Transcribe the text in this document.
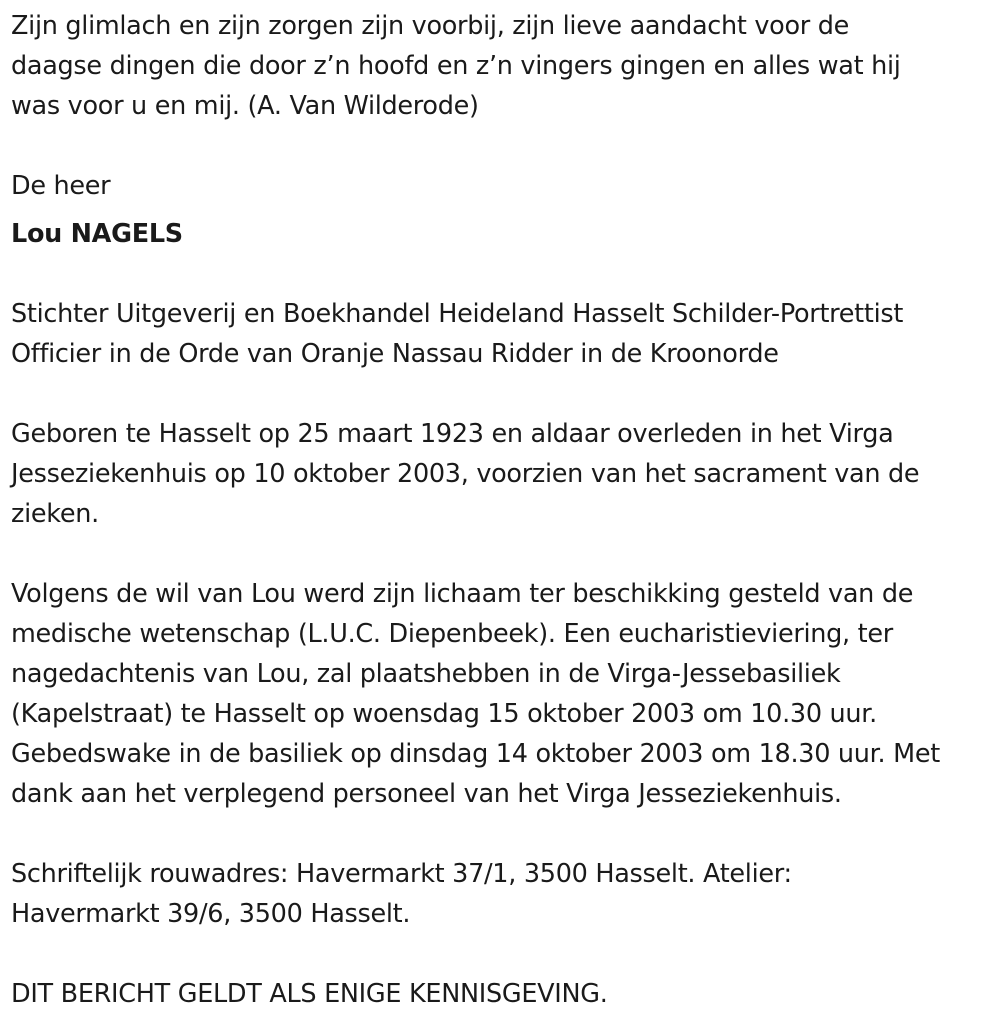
Zijn glimlach en zijn zorgen zijn voorbij, zijn lieve aandacht voor de
daagse dingen die door z’n hoofd en z’n vingers gingen en alles wat hij
was voor u en mij. (A. Van Wilderode)

De heer

Lou NAGELS

Stichter Uitgeverij en Boekhandel Heideland Hasselt Schilder-Portrettist
Officier in de Orde van Oranje Nassau Ridder in de Kroonorde

Geboren te Hasselt op 25 maart 1923 en aldaar overleden in het Virga
Jesseziekenhuis op 10 oktober 2003, voorzien van het sacrament van de
zieken.

Volgens de wil van Lou werd zijn lichaam ter beschikking gesteld van de
medische wetenschap (L.U.C. Diepenbeek). Een eucharistieviering, ter
nagedachtenis van Lou, zal plaatshebben in de Virga-Jessebasiliek
(Kapelstraat) te Hasselt op woensdag 15 oktober 2003 om 10.30 uur.
Gebedswake in de basiliek op dinsdag 14 oktober 2003 om 18.30 uur. Met
dank aan het verplegend personeel van het Virga Jesseziekenhuis.

Schriftelijk rouwadres: Havermarkt 37/1, 3500 Hasselt. Atelier:
Havermarkt 39/6, 3500 Hasselt.

DIT BERICHT GELDT ALS ENIGE KENNISGEVING.
